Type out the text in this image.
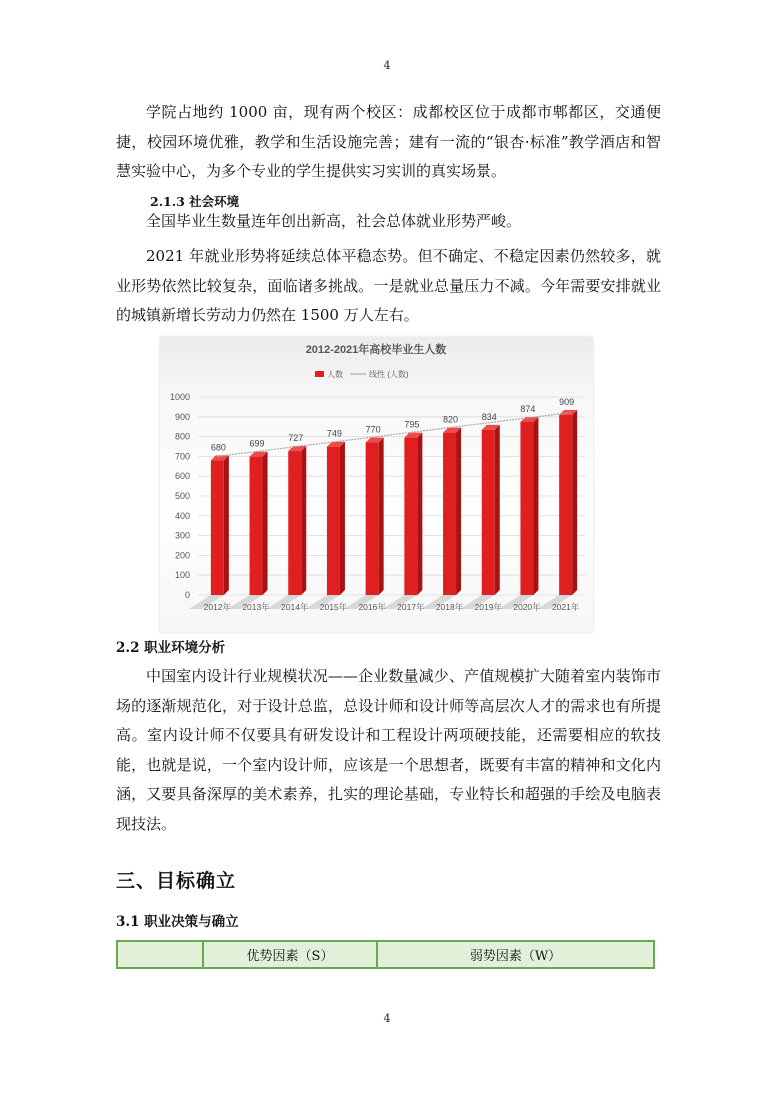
4

学院占地约 1000 亩，现有两个校区：成都校区位于成都市郫都区，交通便捷，校园环境优雅，教学和生活设施完善；建有一流的“银杏·标准”教学酒店和智慧实验中心，为多个专业的学生提供实习实训的真实场景。

2.1.3 社会环境

全国毕业生数量连年创出新高，社会总体就业形势严峻。

2021 年就业形势将延续总体平稳态势。但不确定、不稳定因素仍然较多，就业形势依然比较复杂，面临诸多挑战。一是就业总量压力不减。今年需要安排就业的城镇新增长劳动力仍然在 1500 万人左右。

2012-2021年高校毕业生人数
人数	线性 (人数)
0
100
200
300
400
500
600
700
800
900
1000
680	699
727	749	770	795	820	834
874
909
2012年 2013年 2014年 2015年 2016年 2017年 2018年 2019年 2020年 2021年

2.2 职业环境分析

中国室内设计行业规模状况——企业数量减少、产值规模扩大随着室内装饰市场的逐渐规范化，对于设计总监，总设计师和设计师等高层次人才的需求也有所提高。室内设计师不仅要具有研发设计和工程设计两项硬技能，还需要相应的软技能，也就是说，一个室内设计师，应该是一个思想者，既要有丰富的精神和文化内涵，又要具备深厚的美术素养，扎实的理论基础，专业特长和超强的手绘及电脑表现技法。

三、目标确立

3.1 职业决策与确立

	优势因素（S）	弱势因素（W）
4
